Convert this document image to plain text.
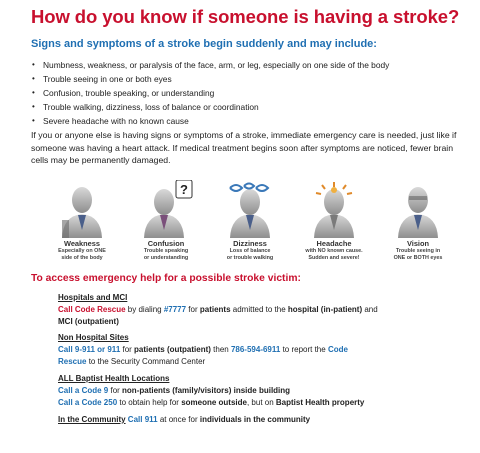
How do you know if someone is having a stroke?
Signs and symptoms of a stroke begin suddenly and may include:
• Numbness, weakness, or paralysis of the face, arm, or leg, especially on one side of the body
• Trouble seeing in one or both eyes
• Confusion, trouble speaking, or understanding
• Trouble walking, dizziness, loss of balance or coordination
• Severe headache with no known cause
If you or anyone else is having signs or symptoms of a stroke, immediate emergency care is needed, just like if someone was having a heart attack. If medical treatment begins soon after symptoms are noticed, fewer brain cells may be permanently damaged.
Weakness
Especially on ONE
side of the body
?
Confusion
Trouble speaking
or understanding
Dizziness
Loss of balance
or trouble walking
Headache
with NO known cause.
Sudden and severe!
Vision
Trouble seeing in
ONE or BOTH eyes
To access emergency help for a possible stroke victim:
Hospitals and MCI
Call Code Rescue by dialing #7777 for patients admitted to the hospital (in-patient) and
MCI (outpatient)
Non Hospital Sites
Call 9-911 or 911 for patients (outpatient) then 786-594-6911 to report the Code
Rescue to the Security Command Center
ALL Baptist Health Locations
Call a Code 9 for non-patients (family/visitors) inside building
Call a Code 250 to obtain help for someone outside, but on Baptist Health property
In the Community Call 911 at once for individuals in the community
